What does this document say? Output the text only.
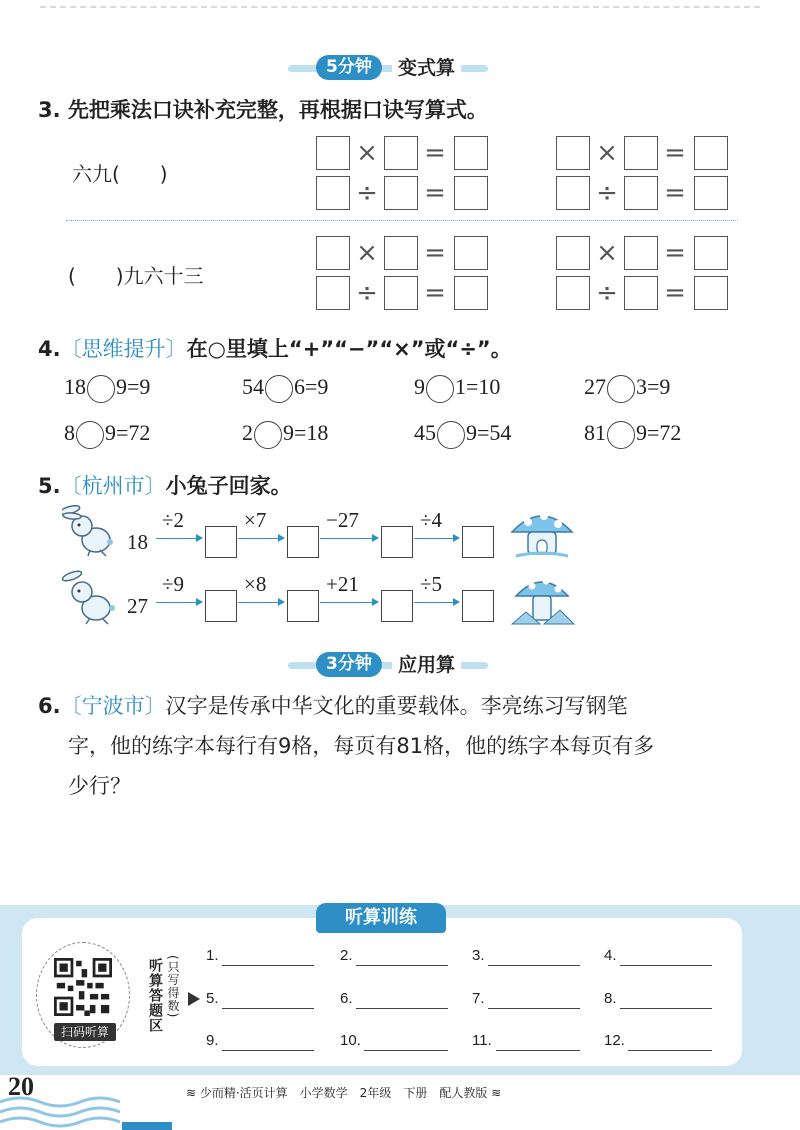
5分钟	变式算
3. 先把乘法口诀补充完整，再根据口诀写算式。
六九(　　)
(　　)九六十三
× =
÷ =
× =
÷ =
× =
÷ =
× =
÷ =
4.〔思维提升〕在○里填上“+”“−”“×”或“÷”。
18 9=9	54 6=9	9 1=10	27 3=9
8 9=72	2 9=18	45 9=54	81 9=72
5.〔杭州市〕小兔子回家。
18
÷2	×7	−27	÷4
27
÷9	×8	+21	÷5
3分钟	应用算
6.〔宁波市〕汉字是传承中华文化的重要载体。李亮练习写钢笔
字，他的练字本每行有9格，每页有81格，他的练字本每页有多
少行？
听算训练
扫码听算	听算答题区 (只写得数) 1.	2.	3.	4.
5.	6.	7.	8.
9.	10.	11.	12.
20	≋ 少而精·活页计算　小学数学　2年级　下册　配人教版 ≋
